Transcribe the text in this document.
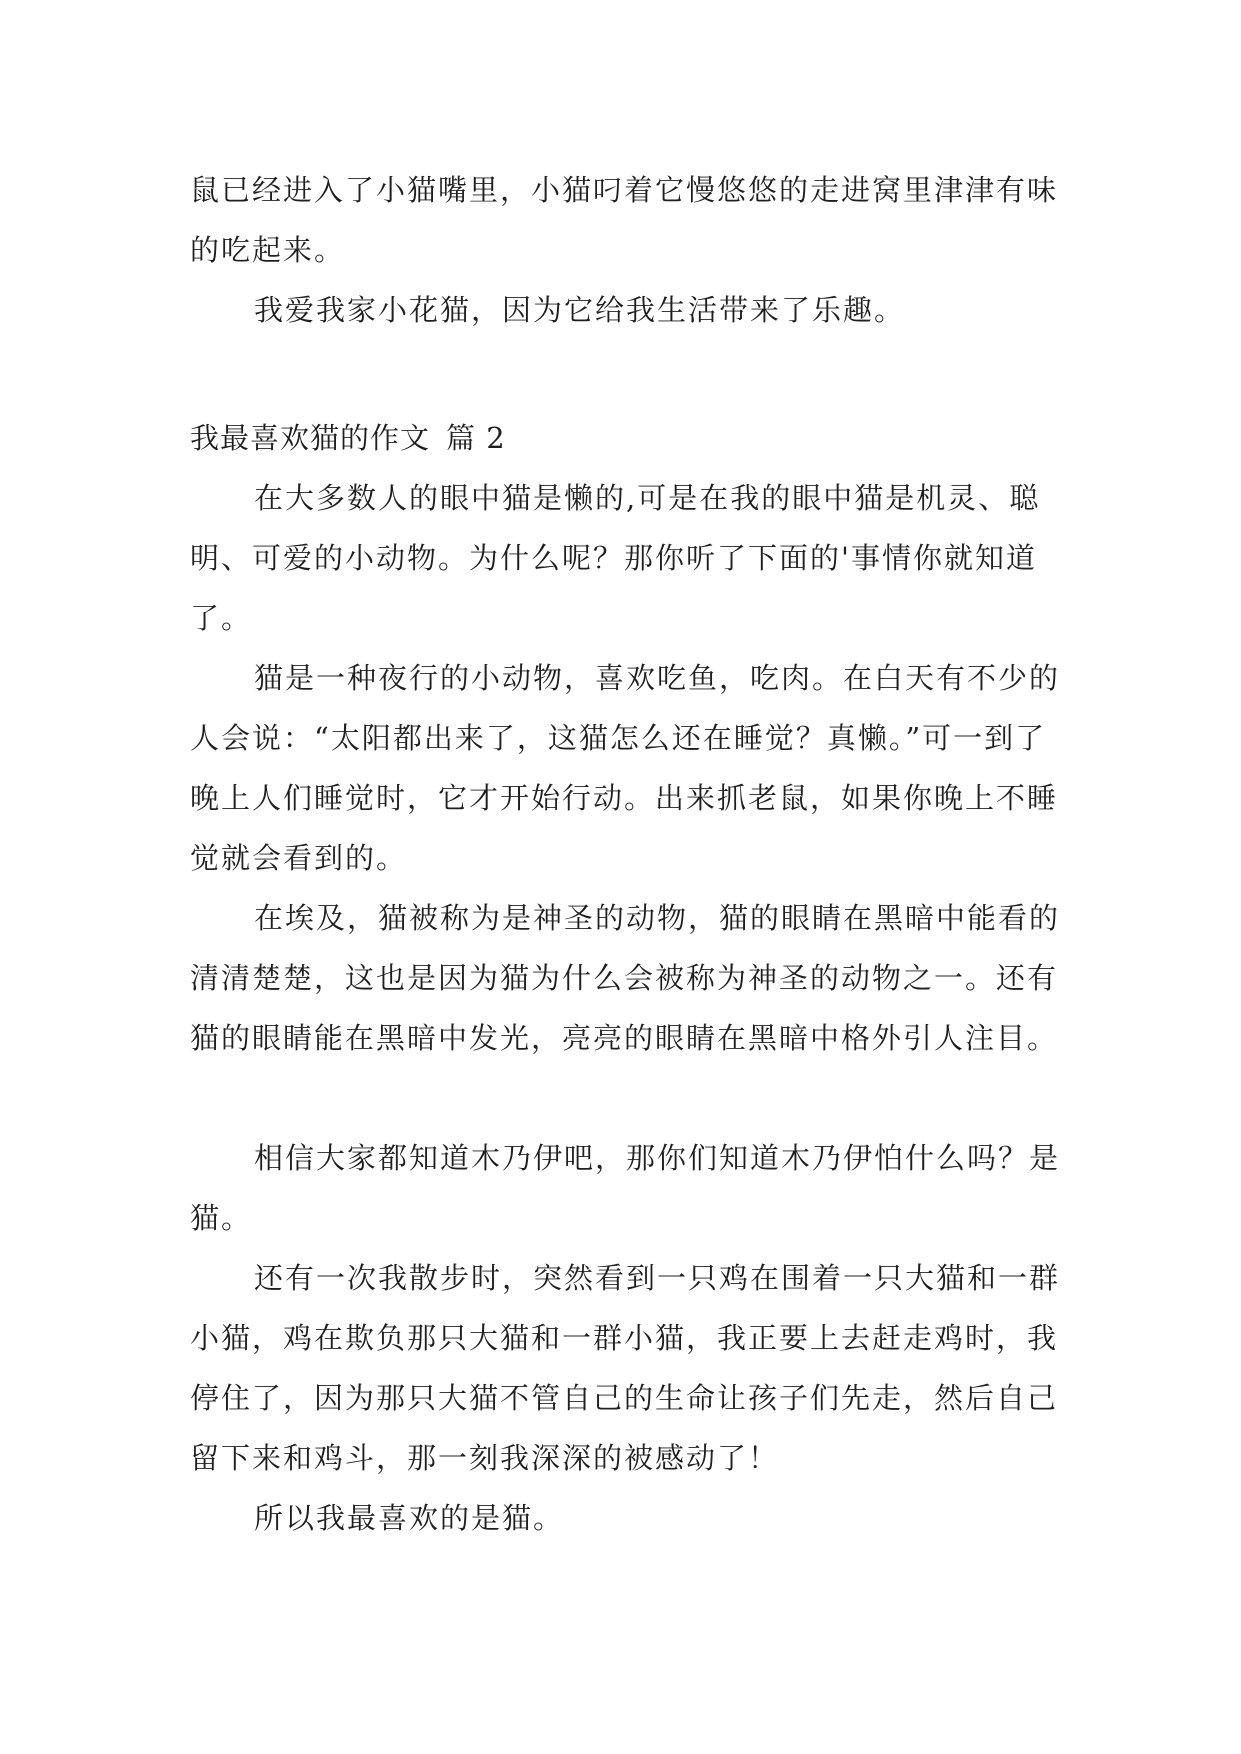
鼠已经进入了小猫嘴里，小猫叼着它慢悠悠的走进窝里津津有味的吃起来。

我爱我家小花猫，因为它给我生活带来了乐趣。

我最喜欢猫的作文 篇 2

在大多数人的眼中猫是懒的,可是在我的眼中猫是机灵、聪明、可爱的小动物。为什么呢？那你听了下面的'事情你就知道了。

猫是一种夜行的小动物，喜欢吃鱼，吃肉。在白天有不少的人会说：“太阳都出来了，这猫怎么还在睡觉？真懒。”可一到了晚上人们睡觉时，它才开始行动。出来抓老鼠，如果你晚上不睡觉就会看到的。

在埃及，猫被称为是神圣的动物，猫的眼睛在黑暗中能看的清清楚楚，这也是因为猫为什么会被称为神圣的动物之一。还有猫的眼睛能在黑暗中发光，亮亮的眼睛在黑暗中格外引人注目。

相信大家都知道木乃伊吧，那你们知道木乃伊怕什么吗？是猫。

还有一次我散步时，突然看到一只鸡在围着一只大猫和一群小猫，鸡在欺负那只大猫和一群小猫，我正要上去赶走鸡时，我停住了，因为那只大猫不管自己的生命让孩子们先走，然后自己留下来和鸡斗，那一刻我深深的被感动了！

所以我最喜欢的是猫。
